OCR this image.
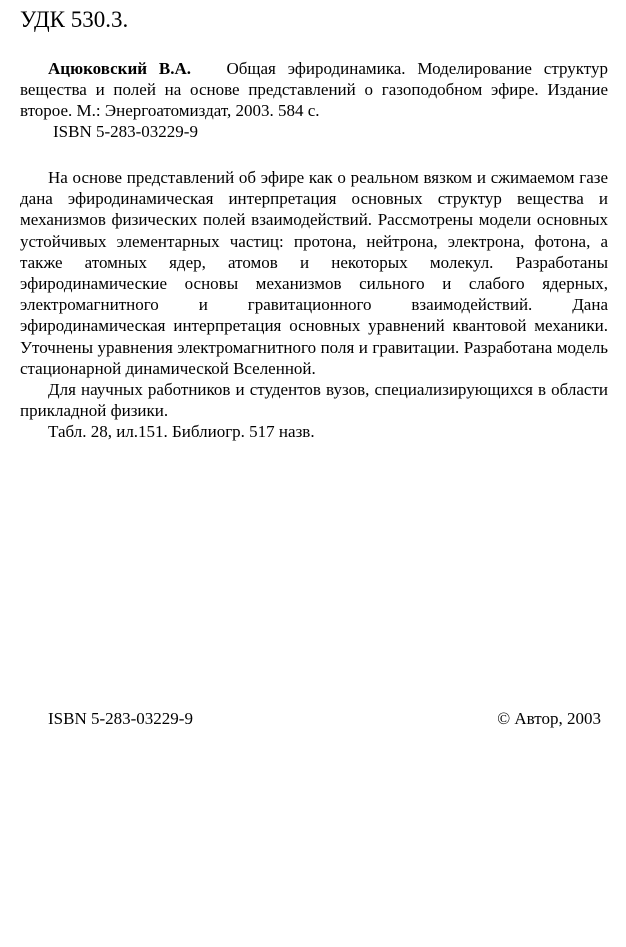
УДК 530.3.

Ацюковский В.А. Общая эфиродинамика. Моделирование структур вещества и полей на основе представлений о газоподобном эфире. Издание второе. М.: Энергоатомиздат, 2003. 584 с.

ISBN 5-283-03229-9

На основе представлений об эфире как о реальном вязком и сжимаемом газе дана эфиродинамическая интерпретация основных структур вещества и механизмов физических полей взаимодействий. Рассмотрены модели основных устойчивых элементарных частиц: протона, нейтрона, электрона, фотона, а также атомных ядер, атомов и некоторых молекул. Разработаны эфиродинамические основы механизмов сильного и слабого ядерных, электромагнитного и гравитационного взаимодействий. Дана эфиродинамическая интерпретация основных уравнений квантовой механики. Уточнены уравнения электромагнитного поля и гравитации. Разработана модель стационарной динамической Вселенной.

Для научных работников и студентов вузов, специализирующихся в области прикладной физики.

Табл. 28, ил.151. Библиогр. 517 назв.

ISBN 5-283-03229-9	© Автор, 2003
